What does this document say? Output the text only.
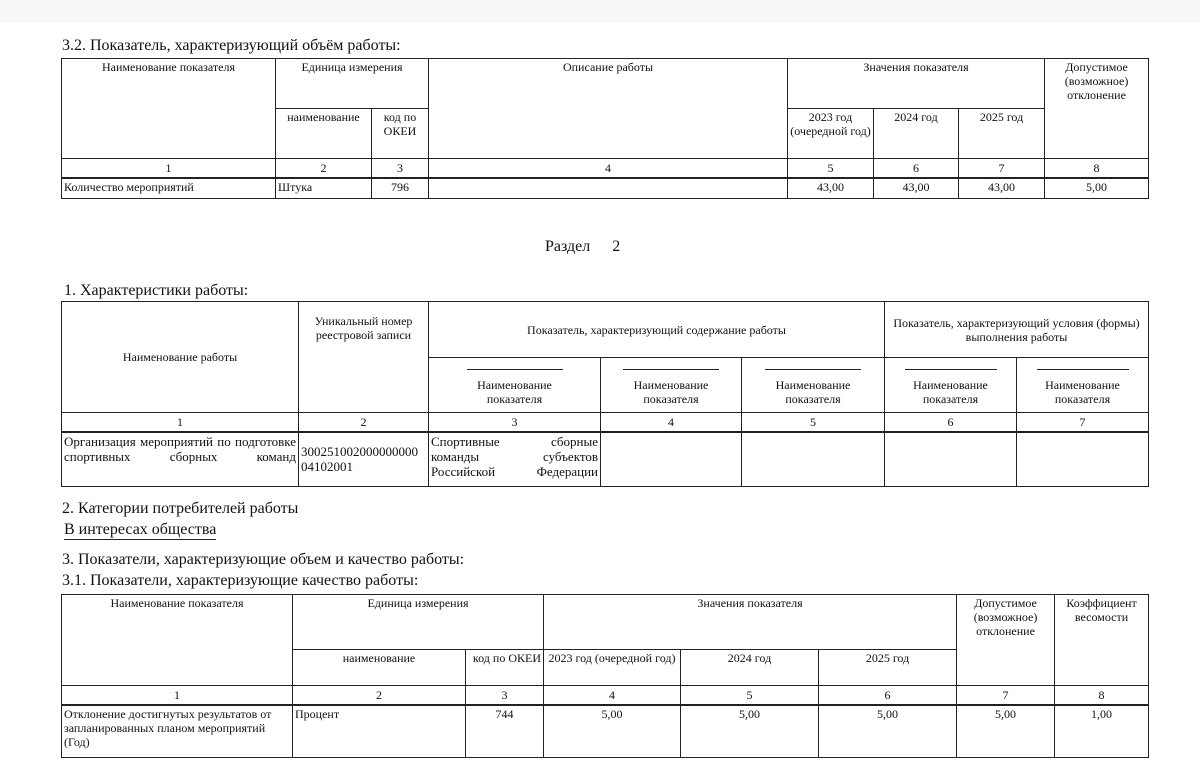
3.2. Показатель, характеризующий объём работы:
Наименование показателя	Единица измерения		Описание работы	Значения показателя			Допустимое (возможное) отклонение
	наименование	код по ОКЕИ		2023 год (очередной год)	2024 год	2025 год	
1	2	3	4	5	6	7	8
Количество мероприятий	Штука	796		43,00	43,00	43,00	5,00
Раздел 2
1. Характеристики работы:
Наименование работы	Уникальный номер реестровой записи	Показатель, характеризующий содержание работы			Показатель, характеризующий условия (формы) выполнения работы	
		Наименование показателя	Наименование показателя	Наименование показателя	Наименование показателя	Наименование показателя
1	2	3	4	5	6	7
Организация мероприятий по подготовке спортивных сборных команд	300251002000000000 04102001	Спортивные сборные команды субъектов Российской Федерации				
2. Категории потребителей работы
В интересах общества
3. Показатели, характеризующие объем и качество работы:
3.1. Показатели, характеризующие качество работы:
Наименование показателя	Единица измерения		Значения показателя			Допустимое (возможное) отклонение	Коэффициент весомости
	наименование	код по ОКЕИ	2023 год (очередной год)	2024 год	2025 год		
1	2	3	4	5	6	7	8
Отклонение достигнутых результатов от запланированных планом мероприятий (Год)	Процент	744	5,00	5,00	5,00	5,00	1,00
